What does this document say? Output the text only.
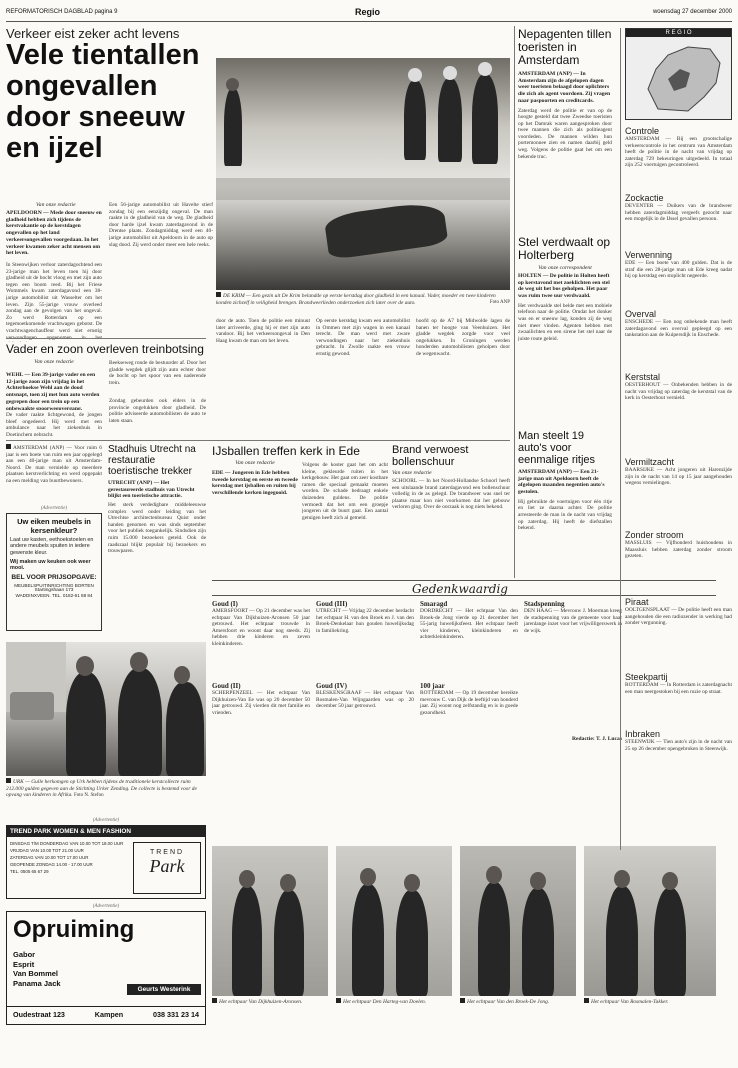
REFORMATORISCH DAGBLAD pagina 9	Regio	woensdag 27 december 2000
Verkeer eist zeker acht levens
Vele tientallen ongevallen door sneeuw en ijzel
Van onze redactie
APELDOORN — Mede door sneeuw en gladheid hebben zich tijdens de kerstvakantie op de kerstdagen ongevallen op het land verkeersongevallen voorgedaan. In het verkeer kwamen zeker acht mensen om het leven.
In Steenwijken verloor zaterdagochtend een 23-jarige man het leven toen hij door gladheid uit de bocht vloog en met zijn auto tegen een boom reed. Bij het Friese Wommels kwam zaterdagavond een 38-jarige automobilist uit Wasselter om het leven. Zijn 55-jarige vrouw overleed zondag aan de gevolgen van het ongeval. Zo werd Rotterdam op een tegemoetkomende vrachtwagen gebotst. De vrachtwagenchauffeur werd niet ernstig
Een 56-jarige automobilist uit Havelte stierf zondag bij een eenzijdig ongeval. De man raakte in de gladheid van de weg. De gladheid door harde ijzel kwam zaterdagavond in de Drentse plaats. Zondagmiddag werd een 40-jarige automobilist uit Apeldoorn in de auto op slag dood. Zij werd onder meer een hele reeks.
DE KRIM — Een gezin uit De Krim belandde op eerste kerstdag door gladheid in een kanaal. Vader, moeder en twee kinderen konden zichzelf in veiligheid brengen. Brandweerlieden onderzoeken zich later over de auto.	Foto ANP
door de auto. Toen de politie een minuut later arriveerde, ging hij er met zijn auto vandoor. Bij het verkeersongeval in Den Haag kwam de man om het leven.
Op eerste kerstdag kwam een automobilist in Ommen met zijn wagen in een kanaal terecht. De man werd met zware verwondingen naar het ziekenhuis gebracht. In Zwolle raakte een vrouw ernstig gewond.
hoofd op de A7 bij Midwolde lagen de banen ter hoogte van Veenhuizen. Het gladde wegdek zorgde voor veel ongelukken. In Groningen werden honderden automobilisten geholpen door de wegenwacht.
Vader en zoon overleven treinbotsing
Van onze redactie
WEHL — Een 39-jarige vader en een 12-jarige zoon zijn vrijdag in het Achterhoekse Wehl aan de dood ontsnapt, toen zij met hun auto werden gegrepen door een trein op een onbewaakte spoorwegovergang.
De vader raakte lichtgewond, de jongen bleef ongedeerd. Hij werd met een ambulance naar het ziekenhuis in Doetinchem gebracht.
Beekseweg ronde de bestuurder af. Door het gladde wegdek glijdt zijn auto echter door de bocht op het spoor van een naderende trein.
Zondag gebeurden ook elders in de provincie ongelukken door gladheid. De politie adviseerde automobilisten de auto te laten staan.
AMSTERDAM (ANP) — Voor ruim 6 jaar is een boete van ruim een jaar opgelegd aan een 40-jarige man uit Amsterdam-Noord. De man vernielde op meerdere plaatsen kerstverlichting en werd opgepakt na een melding van buurtbewoners.
(Advertentie)
Uw eiken meubels in kersenkleur?
Laat uw kasten, eethoekstoelen en andere meubels spuiten in iedere gewenste kleur.
Wij maken uw keuken ook weer mooi.
BEL VOOR PRIJSOPGAVE:
MEUBELSPUITINRICHTING BORTEN
Startingshaan 173
WADDINXVEEN. TEL. 0182-61 88 84
Stadhuis Utrecht na restauratie toeristische trekker
UTRECHT (ANP) — Het gerestaureerde stadhuis van Utrecht blijkt een toeristische attractie.
Het sterk verdedigbare middeleeuwse complex werd onder leiding van het Utrechtse architectenbureau Quist onder handen genomen en was sinds september voor het publiek toegankelijk. Sindsdien zijn ruim 15.000 bezoekers geteld. Ook de raadszaal blijkt populair bij bezoekers en trouwparen.
IJsballen treffen kerk in Ede
Van onze redactie
EDE — Jongeren in Ede hebben tweede kerstdag en eerste en tweede kerstdag met ijsballen en ruiten bij verschillende kerken ingegooid.
Volgens de koster gaat het om acht kleine, gekleurde ruiten in het kerkgebouw. Het gaat om zeer kostbare ramen die speciaal gemaakt moeten worden. De schade bedraagt enkele duizenden guldens. De politie vermoedt dat het om een groepje jongeren uit de buurt gaat. Een aantal getuigen heeft zich al gemeld.
Brand verwoest bollenschuur
Van onze redactie
SCHOORL — In het Noord-Hollandse Schoorl heeft een uitslaande brand zaterdagavond een bollenschuur volledig in de as gelegd. De brandweer was snel ter plaatse maar kon niet voorkomen dat het gebouw verloren ging. Over de oorzaak is nog niets bekend.
Gedenkwaardig
Goud (I)
AMERSFOORT — Op 21 december was het echtpaar Van Dijkhuizen-Aronsen 50 jaar getrouwd. Het echtpaar trouwde in Amersfoort en woont daar nog steeds. Zij hebben drie kinderen en zeven kleinkinderen.
Goud (II)
SCHERPENZEEL — Het echtpaar Van Dijkhuizen-Van Ee was op 20 december 50 jaar getrouwd. Zij vierden dit met familie en vrienden.
Goud (III)
UTRECHT — Vrijdag 22 december herdacht het echtpaar H. van den Broek en J. van den Broek-Denkelaar hun gouden huwelijksdag in familiekring.
Goud (IV)
BLESKENSGRAAF — Het echtpaar Van Rosmalen-Van Wijngaarden was op 20 december 50 jaar getrouwd.
Smaragd
DORDRECHT — Het echtpaar Van den Broek-de Jong vierde op 21 december het 55-jarig huwelijksfeest. Het echtpaar heeft vier kinderen, kleinkinderen en achterkleinkinderen.
100 jaar
ROTTERDAM — Op 19 december bereikte mevrouw C. van Dijk de leeftijd van honderd jaar. Zij woont nog zelfstandig en is in goede gezondheid.
Stadspenning
DEN HAAG — Mevrouw J. Moerman kreeg de stadspenning van de gemeente voor haar jarenlange inzet voor het vrijwilligerswerk in de wijk.
Redactie: T. J. Lucas
Het echtpaar Van Dijkhuizen-Aronsen.	Het echtpaar Den Harteg-van Doelen.	Het echtpaar Van den Broek-De Jong.	Het echtpaar Van Rosmalen-Takker.
URK — Gulle herkomgen op Urk hebben tijdens de traditionele kerstcollecte ruim 212.000 gulden gegeven aan de Stichting Urker Zending. De collecte is bestemd voor de opvang van kinderen in Afrika. Foto N. Stefon
(Advertentie)
TREND PARK WOMEN & MEN FASHION
DINSDAG T/M DONDERDAG VAN 10.00 TOT 18.00 UUR
VRIJDAG VAN 10.00 TOT 21.00 UUR
ZATERDAG VAN 10.00 TOT 17.00 UUR
GEOPENDE ZONDAG 14.00 - 17.00 UUR
TEL. 0505 65 67 29
TREND
Park
(Advertentie)
Opruiming
Gabor
Esprit
Van Bommel
Panama Jack
Geurts Westerink
Oudestraat 123	Kampen	038 331 23 14
Nepagenten tillen toeristen in Amsterdam
AMSTERDAM (ANP) — In Amsterdam zijn de afgelopen dagen weer toeristen belaagd door oplichters die zich als agent voordoen. Zij vragen naar paspoorten en creditcards.
Zaterdag werd de politie er van op de hoogte gesteld dat twee Zweedse toeristen op het Damrak waren aangesproken door twee mannen die zich als politieagent voordeden. De mannen wilden hun portemonnee zien en namen daarbij geld weg. Volgens de politie gaat het om een bekende truc.
Stel verdwaalt op Holterberg
Van onze correspondent
HOLTEN — De politie in Holten heeft op kerstavond met zoeklichten een stel de weg uit het bos geholpen. Het paar was ruim twee uur verdwaald.
Het verdwaalde stel belde met een mobiele telefoon naar de politie. Omdat het donker was en er sneeuw lag, konden zij de weg niet meer vinden. Agenten hebben met zwaailichten en een sirene het stel naar de juiste route geleid.
Man steelt 19 auto's voor eenmalige ritjes
AMSTERDAM (ANP) — Een 21-jarige man uit Apeldoorn heeft de afgelopen maanden negentien auto's gestolen.
Hij gebruikte de voertuigen voor één ritje en liet ze daarna achter. De politie arresteerde de man in de nacht van vrijdag op zaterdag. Hij heeft de diefstallen bekend.
R E G I O
Controle
AMSTERDAM — Bij een grootschalige verkeerscontrole in het centrum van Amsterdam heeft de politie in de nacht van vrijdag op zaterdag 729 bekeuringen uitgedeeld. In totaal zijn 252 voertuigen gecontroleerd.
Zockactie
DEVENTER — Duikers van de brandweer hebben zaterdagmiddag vergeefs gezocht naar een mogelijk in de IJssel gevallen persoon.
Verwenning
EDE — Een boete van 400 gulden. Dat is de straf die een 28-jarige man uit Ede kreeg nadat hij op kerstdag een stoplicht negeerde.
Overval
ENSCHEDE — Een nog onbekende man heeft zaterdagavond een overval gepleegd op een tankstation aan de Kuipersdijk in Enschede.
Kerststal
OESTERHOUT — Onbekenden hebben in de nacht van vrijdag op zaterdag de kerststal van de kerk in Oesterhout vernield.
Vermiltzacht
BAARSIJKE — Acht jongeren uit Harenzijde zijn in de nacht van 14 op 15 jaar aangehouden wegens vernielingen.
Zonder stroom
MASSLUIS — Vijfhonderd huishoudens in Maassluis hebben zaterdag zonder stroom gezeten.
Piraat
OOLTGENSPLAAT — De politie heeft een man aangehouden die een radiozender in werking had zonder vergunning.
Steekpartij
ROTTERDAM — In Rotterdam is zaterdagnacht een man neergestoken bij een ruzie op straat.
Inbraken
STEENWIJK — Tien auto's zijn in de nacht van 25 op 26 december opengebroken in Steenwijk.
